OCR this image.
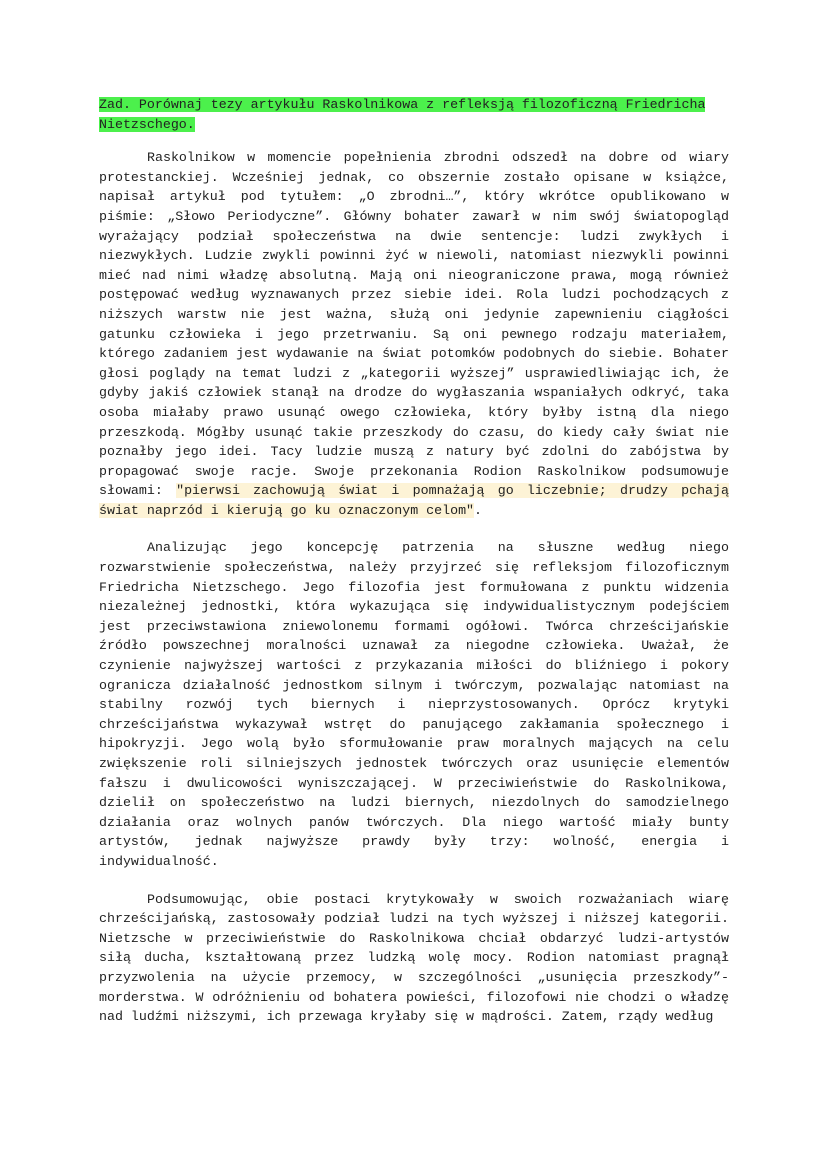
Zad. Porównaj tezy artykułu Raskolnikowa z refleksją filozoficzną Friedricha Nietzschego.

Raskolnikow w momencie popełnienia zbrodni odszedł na dobre od wiary protestanckiej. Wcześniej jednak, co obszernie zostało opisane w książce, napisał artykuł pod tytułem: „O zbrodni…”, który wkrótce opublikowano w piśmie: „Słowo Periodyczne”. Główny bohater zawarł w nim swój światopogląd wyrażający podział społeczeństwa na dwie sentencje: ludzi zwykłych i niezwykłych. Ludzie zwykli powinni żyć w niewoli, natomiast niezwykli powinni mieć nad nimi władzę absolutną. Mają oni nieograniczone prawa, mogą również postępować według wyznawanych przez siebie idei. Rola ludzi pochodzących z niższych warstw nie jest ważna, służą oni jedynie zapewnieniu ciągłości gatunku człowieka i jego przetrwaniu. Są oni pewnego rodzaju materiałem, którego zadaniem jest wydawanie na świat potomków podobnych do siebie. Bohater głosi poglądy na temat ludzi z „kategorii wyższej” usprawiedliwiając ich, że gdyby jakiś człowiek stanął na drodze do wygłaszania wspaniałych odkryć, taka osoba miałaby prawo usunąć owego człowieka, który byłby istną dla niego przeszkodą. Mógłby usunąć takie przeszkody do czasu, do kiedy cały świat nie poznałby jego idei. Tacy ludzie muszą z natury być zdolni do zabójstwa by propagować swoje racje. Swoje przekonania Rodion Raskolnikow podsumowuje słowami: "pierwsi zachowują świat i pomnażają go liczebnie; drudzy pchają świat naprzód i kierują go ku oznaczonym celom".

Analizując jego koncepcję patrzenia na słuszne według niego rozwarstwienie społeczeństwa, należy przyjrzeć się refleksjom filozoficznym Friedricha Nietzschego. Jego filozofia jest formułowana z punktu widzenia niezależnej jednostki, która wykazująca się indywidualistycznym podejściem jest przeciwstawiona zniewolonemu formami ogółowi. Twórca chrześcijańskie źródło powszechnej moralności uznawał za niegodne człowieka. Uważał, że czynienie najwyższej wartości z przykazania miłości do bliźniego i pokory ogranicza działalność jednostkom silnym i twórczym, pozwalając natomiast na stabilny rozwój tych biernych i nieprzystosowanych. Oprócz krytyki chrześcijaństwa wykazywał wstręt do panującego zakłamania społecznego i hipokryzji. Jego wolą było sformułowanie praw moralnych mających na celu zwiększenie roli silniejszych jednostek twórczych oraz usunięcie elementów fałszu i dwulicowości wyniszczającej. W przeciwieństwie do Raskolnikowa, dzielił on społeczeństwo na ludzi biernych, niezdolnych do samodzielnego działania oraz wolnych panów twórczych. Dla niego wartość miały bunty artystów, jednak najwyższe prawdy były trzy: wolność, energia i indywidualność.

Podsumowując, obie postaci krytykowały w swoich rozważaniach wiarę chrześcijańską, zastosowały podział ludzi na tych wyższej i niższej kategorii. Nietzsche w przeciwieństwie do Raskolnikowa chciał obdarzyć ludzi-artystów siłą ducha, kształtowaną przez ludzką wolę mocy. Rodion natomiast pragnął przyzwolenia na użycie przemocy, w szczególności „usunięcia przeszkody”-morderstwa. W odróżnieniu od bohatera powieści, filozofowi nie chodzi o władzę nad ludźmi niższymi, ich przewaga kryłaby się w mądrości. Zatem, rządy według
